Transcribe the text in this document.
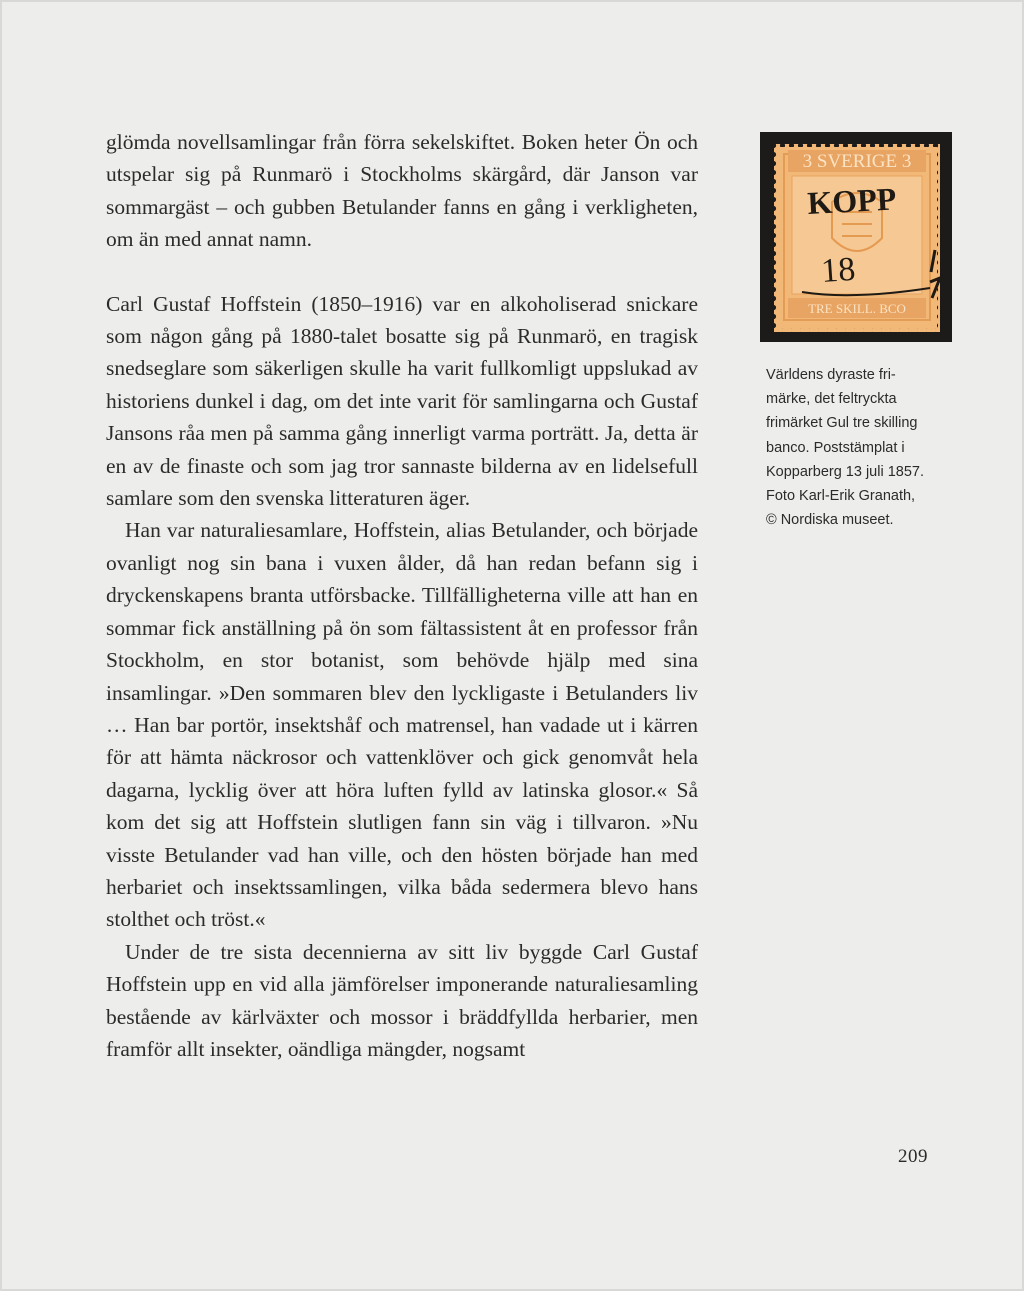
glömda novellsamlingar från förra sekelskiftet. Boken heter Ön och utspelar sig på Runmarö i Stockholms skärgård, där Janson var sommargäst – och gubben Betulander fanns en gång i verkligheten, om än med annat namn.

Carl Gustaf Hoffstein (1850–1916) var en alkoholiserad snickare som någon gång på 1880-talet bosatte sig på Runmarö, en tragisk snedseglare som säkerligen skulle ha varit fullkomligt uppslukad av historiens dunkel i dag, om det inte varit för samlingarna och Gustaf Jansons råa men på samma gång innerligt varma porträtt. Ja, detta är en av de finaste och som jag tror sannaste bilderna av en lidelsefull samlare som den svenska litteraturen äger.

Han var naturaliesamlare, Hoffstein, alias Betulander, och började ovanligt nog sin bana i vuxen ålder, då han redan befann sig i dryckenskapens branta utförsbacke. Tillfälligheterna ville att han en sommar fick anställning på ön som fältassistent åt en professor från Stockholm, en stor botanist, som behövde hjälp med sina insamlingar. »Den sommaren blev den lyckligaste i Betulanders liv … Han bar portör, insektshåf och matrensel, han vadade ut i kärren för att hämta näckrosor och vattenklöver och gick genomvåt hela dagarna, lycklig över att höra luften fylld av latinska glosor.« Så kom det sig att Hoffstein slutligen fann sin väg i tillvaron. »Nu visste Betulander vad han ville, och den hösten började han med herbariet och insektssamlingen, vilka båda sedermera blevo hans stolthet och tröst.«

Under de tre sista decennierna av sitt liv byggde Carl Gustaf Hoffstein upp en vid alla jämförelser imponerande naturaliesamling bestående av kärlväxter och mossor i bräddfyllda herbarier, men framför allt insekter, oändliga mängder, nogsamt

3 SVERIGE 3
TRE SKILL. BCO
KOPP
18
Världens dyraste fri-
märke, det feltryckta
frimärket Gul tre skilling
banco. Poststämplat i
Kopparberg 13 juli 1857.
Foto Karl-Erik Granath,
© Nordiska museet.
209
